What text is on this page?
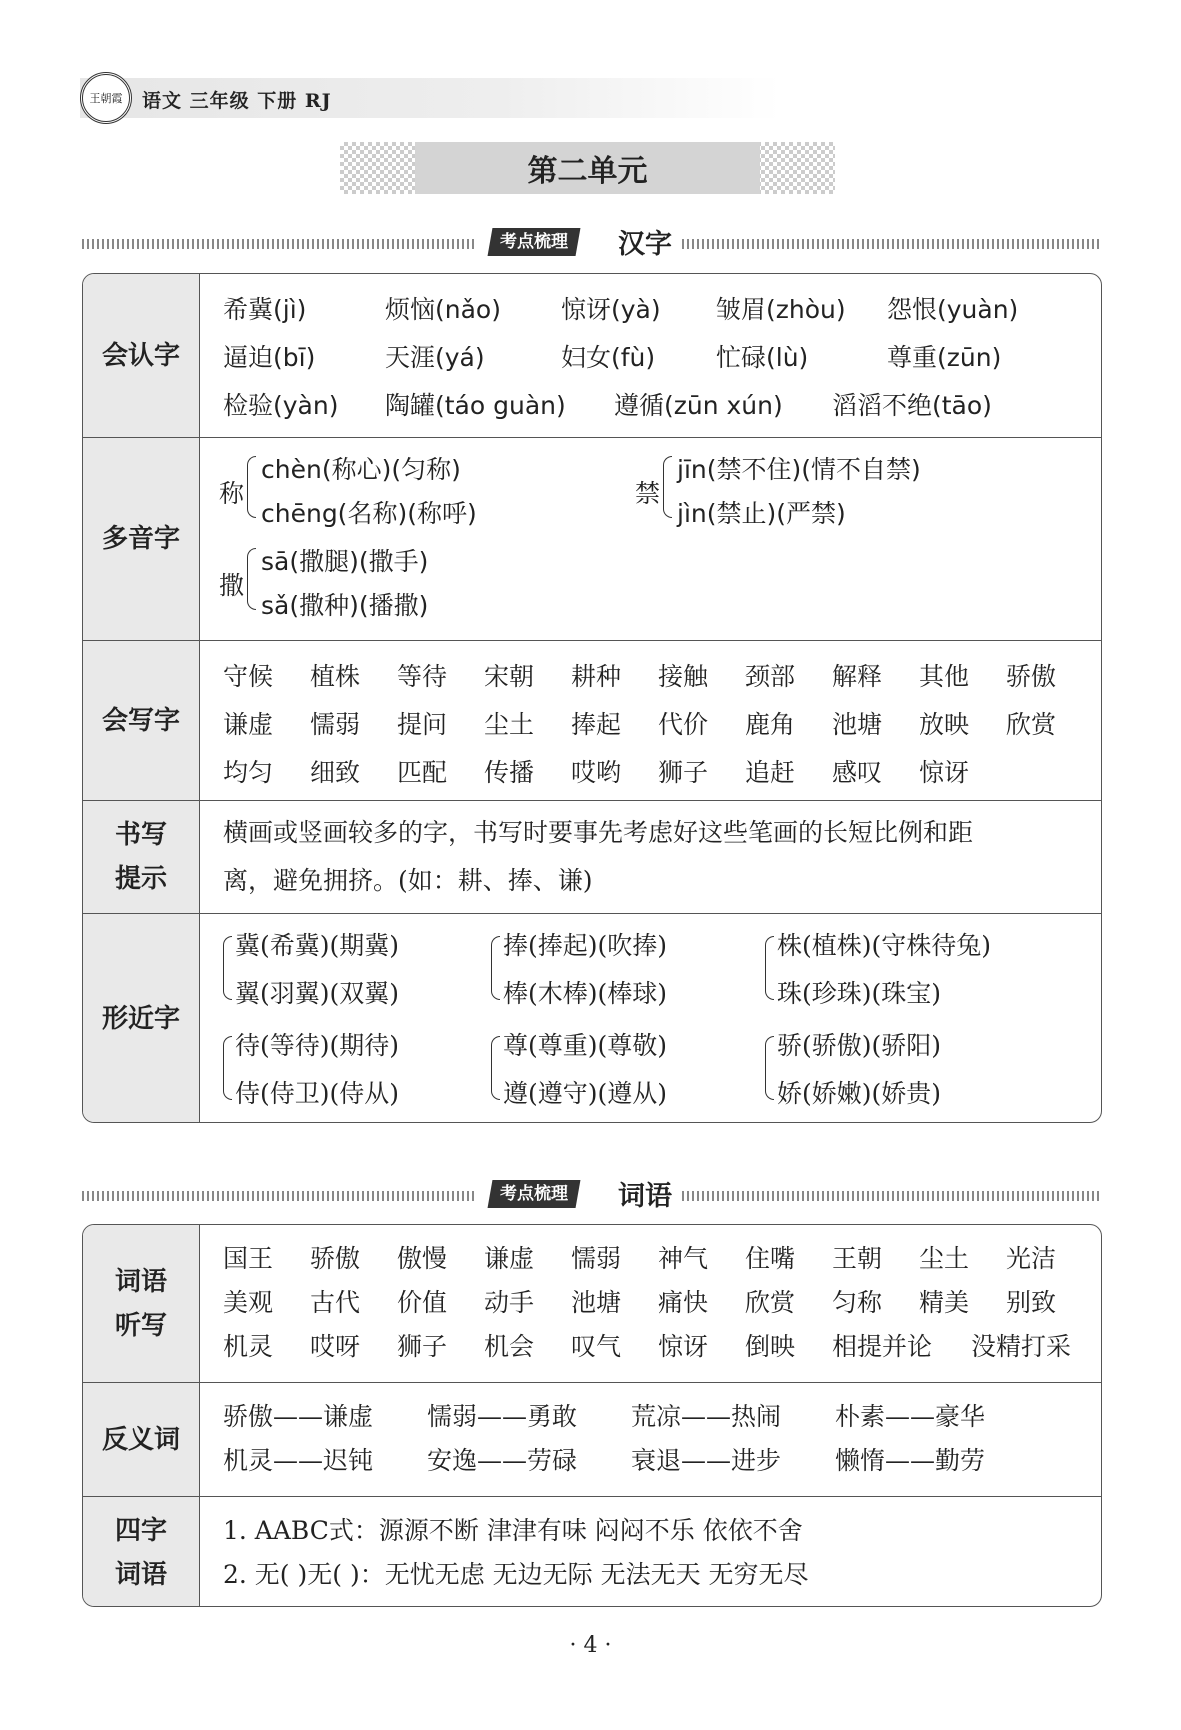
王朝霞 语文 三年级 下册 RJ
第二单元
考点梳理	汉字
会认字
希冀(jì)	烦恼(nǎo) 惊讶(yà) 皱眉(zhòu) 怨恨(yuàn)
逼迫(bī)	天涯(yá)	妇女(fù) 忙碌(lù)	尊重(zūn)
检验(yàn) 陶罐(táo guàn) 遵循(zūn xún) 滔滔不绝(tāo)
多音字
称
chèn(称心)(匀称)
chēng(名称)(称呼)
禁
jīn(禁不住)(情不自禁)
jìn(禁止)(严禁)
撒
sā(撒腿)(撒手)
sǎ(撒种)(播撒)
会写字
守候 植株 等待 宋朝 耕种 接触 颈部 解释 其他 骄傲
谦虚 懦弱 提问 尘土 捧起 代价 鹿角 池塘 放映 欣赏
均匀 细致 匹配 传播 哎哟 狮子 追赶 感叹 惊讶
书写
提示
横画或竖画较多的字，书写时要事先考虑好这些笔画的长短比例和距
离，避免拥挤。(如：耕、捧、谦)
形近字
冀(希冀)(期冀)
翼(羽翼)(双翼)
捧(捧起)(吹捧)
棒(木棒)(棒球)
株(植株)(守株待兔)
珠(珍珠)(珠宝)
待(等待)(期待)
侍(侍卫)(侍从)
尊(尊重)(尊敬)
遵(遵守)(遵从)
骄(骄傲)(骄阳)
娇(娇嫩)(娇贵)
考点梳理	词语
词语
听写
国王 骄傲 傲慢 谦虚 懦弱 神气 住嘴 王朝 尘土 光洁
美观 古代 价值 动手 池塘 痛快 欣赏 匀称 精美 别致
机灵 哎呀 狮子 机会 叹气 惊讶 倒映 相提并论 没精打采
反义词
骄傲——谦虚 懦弱——勇敢 荒凉——热闹 朴素——豪华
机灵——迟钝 安逸——劳碌 衰退——进步 懒惰——勤劳
四字
词语
1. AABC式：源源不断 津津有味 闷闷不乐 依依不舍
2. 无( )无( )：无忧无虑 无边无际 无法无天 无穷无尽
· 4 ·
